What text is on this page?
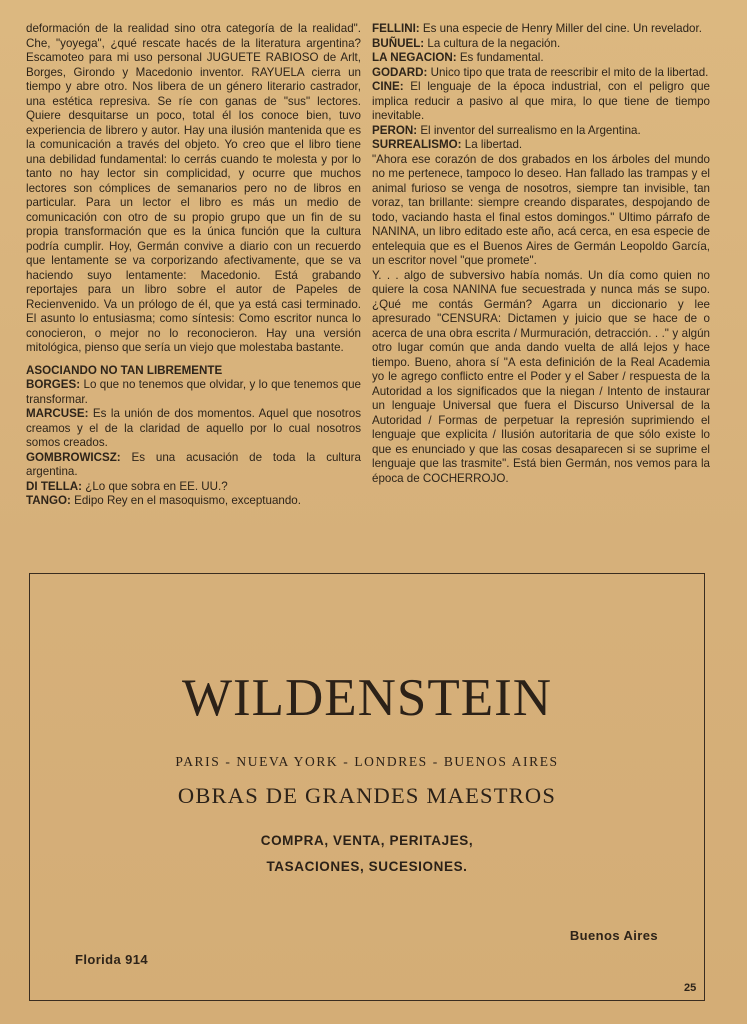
deformación de la realidad sino otra categoría de la realidad". Che, "yoyega", ¿qué rescate hacés de la literatura argentina? Escamoteo para mi uso personal JUGUETE RABIOSO de Arlt, Borges, Girondo y Macedonio inventor. RAYUELA cierra un tiempo y abre otro. Nos libera de un género literario castrador, una estética represiva. Se ríe con ganas de "sus" lectores. Quiere desquitarse un poco, total él los conoce bien, tuvo experiencia de librero y autor. Hay una ilusión mantenida que es la comunicación a través del objeto. Yo creo que el libro tiene una debilidad fundamental: lo cerrás cuando te molesta y por lo tanto no hay lector sin complicidad, y ocurre que muchos lectores son cómplices de semanarios pero no de libros en particular. Para un lector el libro es más un medio de comunicación con otro de su propio grupo que un fin de su propia transformación que es la única función que la cultura podría cumplir. Hoy, Germán convive a diario con un recuerdo que lentamente se va corporizando afectivamente, que se va haciendo suyo lentamente: Macedonio. Está grabando reportajes para un libro sobre el autor de Papeles de Recienvenido. Va un prólogo de él, que ya está casi terminado. El asunto lo entusiasma; como síntesis: Como escritor nunca lo conocieron, o mejor no lo reconocieron. Hay una versión mitológica, pienso que sería un viejo que molestaba bastante.

ASOCIANDO NO TAN LIBREMENTE

BORGES: Lo que no tenemos que olvidar, y lo que tenemos que transformar.

MARCUSE: Es la unión de dos momentos. Aquel que nosotros creamos y el de la claridad de aquello por lo cual nosotros somos creados.

GOMBROWICSZ: Es una acusación de toda la cultura argentina.

DI TELLA: ¿Lo que sobra en EE. UU.?

TANGO: Edipo Rey en el masoquismo, exceptuando.

FELLINI: Es una especie de Henry Miller del cine. Un revelador.

BUÑUEL: La cultura de la negación.

LA NEGACION: Es fundamental.

GODARD: Unico tipo que trata de reescribir el mito de la libertad.

CINE: El lenguaje de la época industrial, con el peligro que implica reducir a pasivo al que mira, lo que tiene de tiempo inevitable.

PERON: El inventor del surrealismo en la Argentina.

SURREALISMO: La libertad.

"Ahora ese corazón de dos grabados en los árboles del mundo no me pertenece, tampoco lo deseo. Han fallado las trampas y el animal furioso se venga de nosotros, siempre tan invisible, tan voraz, tan brillante: siempre creando disparates, despojando de todo, vaciando hasta el final estos domingos." Ultimo párrafo de NANINA, un libro editado este año, acá cerca, en esa especie de entelequia que es el Buenos Aires de Germán Leopoldo García, un escritor novel "que promete".

Y. . . algo de subversivo había nomás. Un día como quien no quiere la cosa NANINA fue secuestrada y nunca más se supo. ¿Qué me contás Germán? Agarra un diccionario y lee apresurado "CENSURA: Dictamen y juicio que se hace de o acerca de una obra escrita / Murmuración, detracción. . ." y algún otro lugar común que anda dando vuelta de allá lejos y hace tiempo. Bueno, ahora sí "A esta definición de la Real Academia yo le agrego conflicto entre el Poder y el Saber / respuesta de la Autoridad a los significados que la niegan / Intento de instaurar un lenguaje Universal que fuera el Discurso Universal de la Autoridad / Formas de perpetuar la represión suprimiendo el lenguaje que explicita / Ilusión autoritaria de que sólo existe lo que es enunciado y que las cosas desaparecen si se suprime el lenguaje que las trasmite". Está bien Germán, nos vemos para la época de COCHERROJO.

WILDENSTEIN
PARIS - NUEVA YORK - LONDRES - BUENOS AIRES
OBRAS DE GRANDES MAESTROS
COMPRA, VENTA, PERITAJES,
TASACIONES, SUCESIONES.
Buenos Aires
Florida 914
25
